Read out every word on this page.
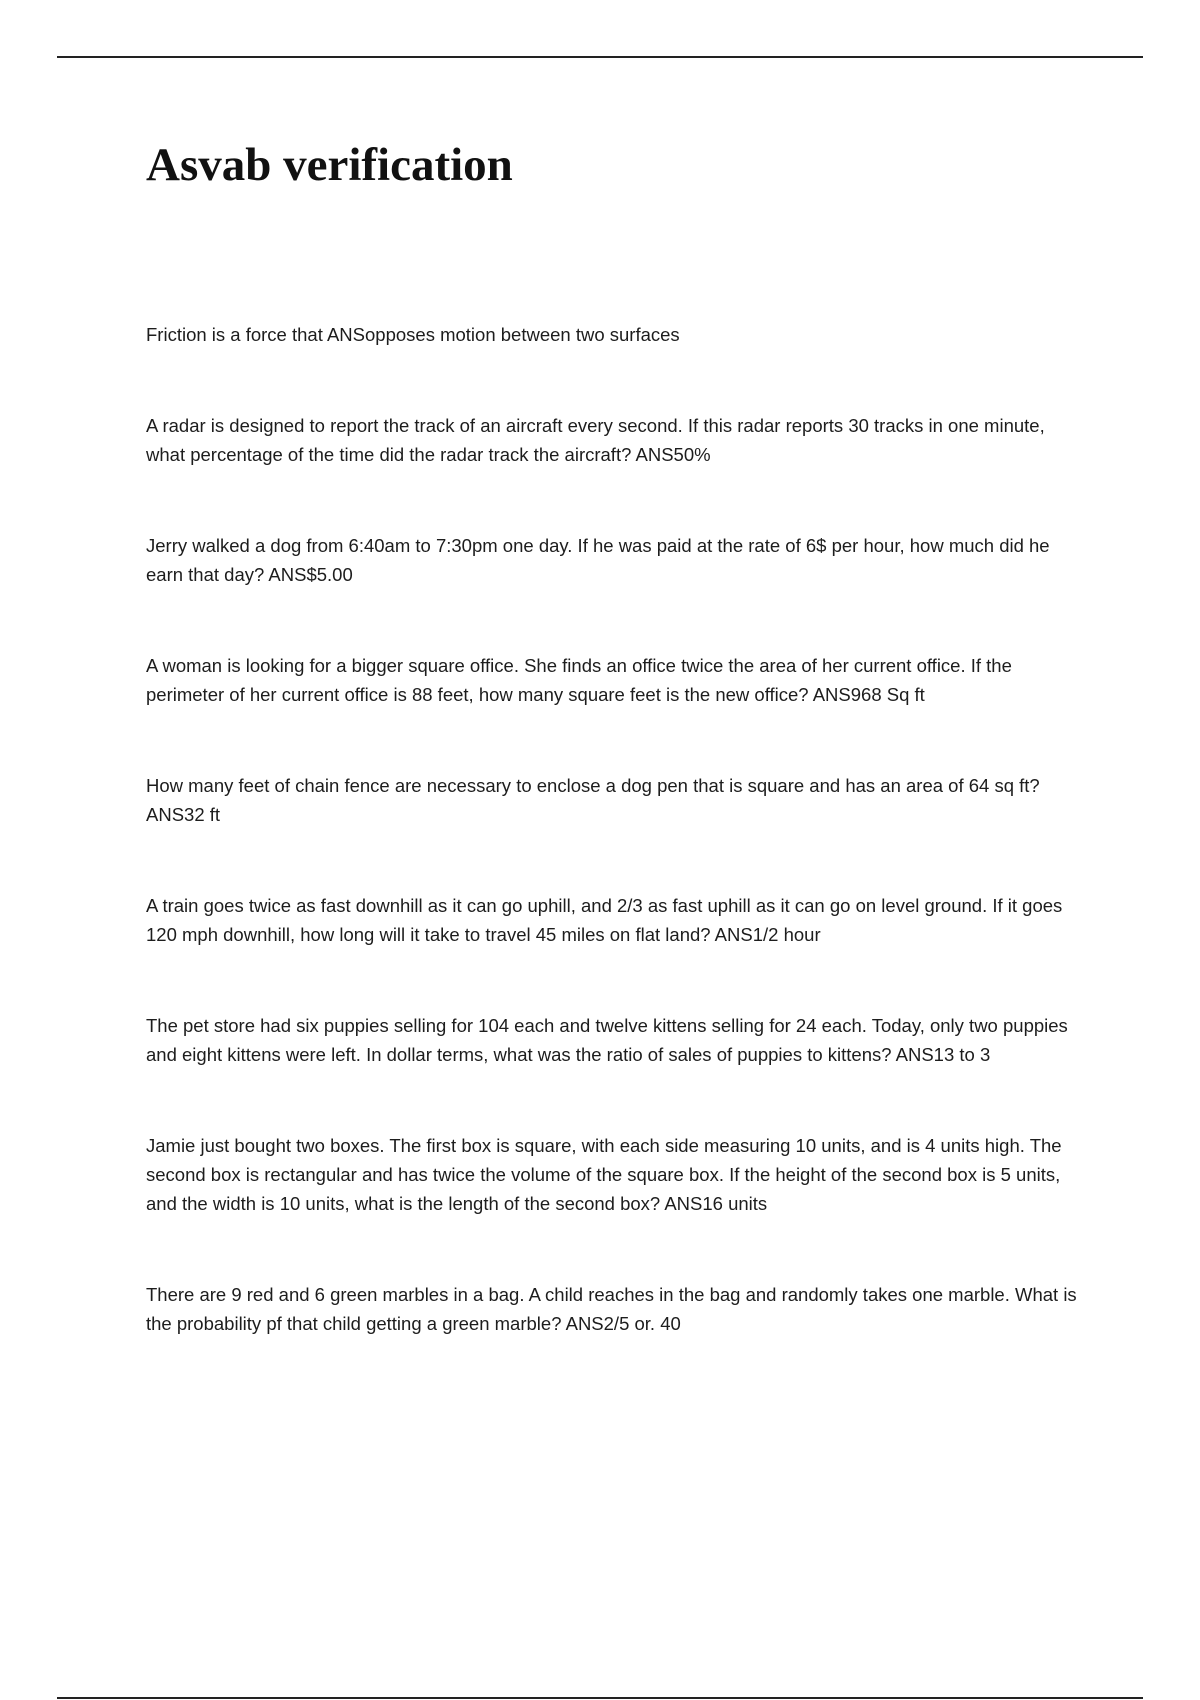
Asvab verification
Friction is a force that ANSopposes motion between two surfaces
A radar is designed to report the track of an aircraft every second. If this radar reports 30 tracks in one minute, what percentage of the time did the radar track the aircraft? ANS50%
Jerry walked a dog from 6:40am to 7:30pm one day. If he was paid at the rate of 6$ per hour, how much did he earn that day? ANS$5.00
A woman is looking for a bigger square office. She finds an office twice the area of her current office. If the perimeter of her current office is 88 feet, how many square feet is the new office? ANS968 Sq ft
How many feet of chain fence are necessary to enclose a dog pen that is square and has an area of 64 sq ft? ANS32 ft
A train goes twice as fast downhill as it can go uphill, and 2/3 as fast uphill as it can go on level ground. If it goes 120 mph downhill, how long will it take to travel 45 miles on flat land? ANS1/2 hour
The pet store had six puppies selling for 104 each and twelve kittens selling for 24 each. Today, only two puppies and eight kittens were left. In dollar terms, what was the ratio of sales of puppies to kittens? ANS13 to 3
Jamie just bought two boxes. The first box is square, with each side measuring 10 units, and is 4 units high. The second box is rectangular and has twice the volume of the square box. If the height of the second box is 5 units, and the width is 10 units, what is the length of the second box? ANS16 units
There are 9 red and 6 green marbles in a bag. A child reaches in the bag and randomly takes one marble. What is the probability pf that child getting a green marble? ANS2/5 or. 40
